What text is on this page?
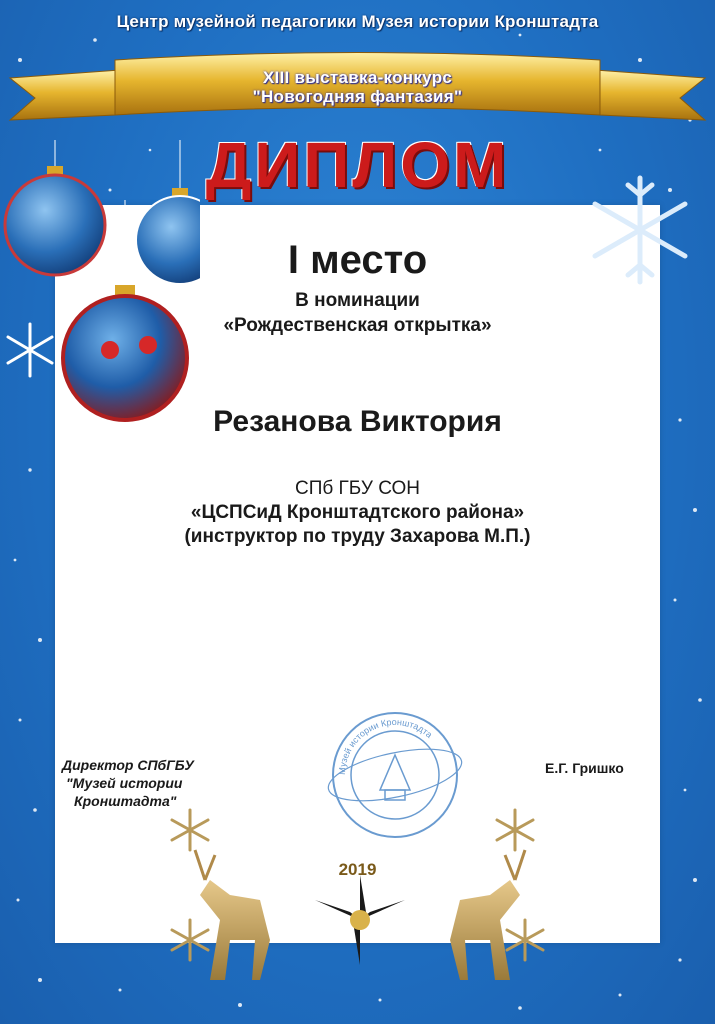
Центр музейной педагогики Музея истории Кронштадта
XIII выставка-конкурс
"Новогодняя фантазия"
ДИПЛОМ
I место
В номинации
«Рождественская открытка»
Резанова Виктория
СПб ГБУ СОН
«ЦСПСиД Кронштадтского района»
(инструктор по труду Захарова М.П.)
Музей истории Кронштадта
Директор СПбГБУ
"Музей истории
Кронштадта"
Е.Г. Гришко
2019
